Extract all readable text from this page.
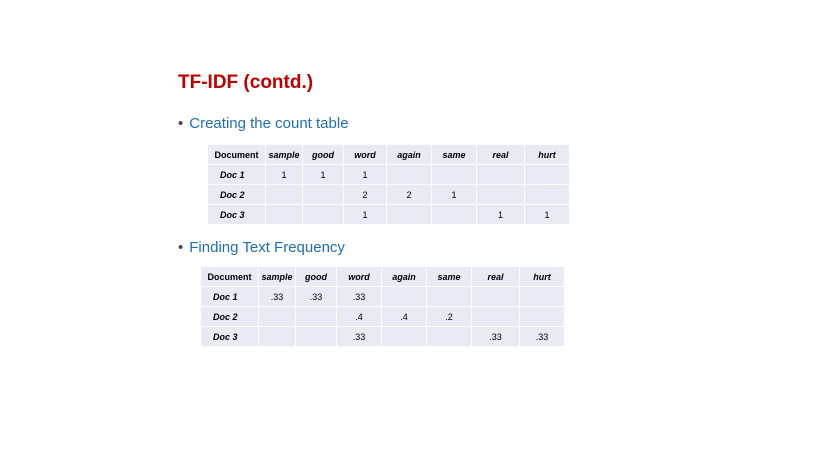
TF-IDF (contd.)
• Creating the count table
Document	sample	good	word	again	same	real	hurt
Doc 1	1	1	1				
Doc 2			2	2	1		
Doc 3			1			1	1
• Finding Text Frequency
Document	sample	good	word	again	same	real	hurt
Doc 1	.33	.33	.33				
Doc 2			.4	.4	.2		
Doc 3			.33			.33	.33
